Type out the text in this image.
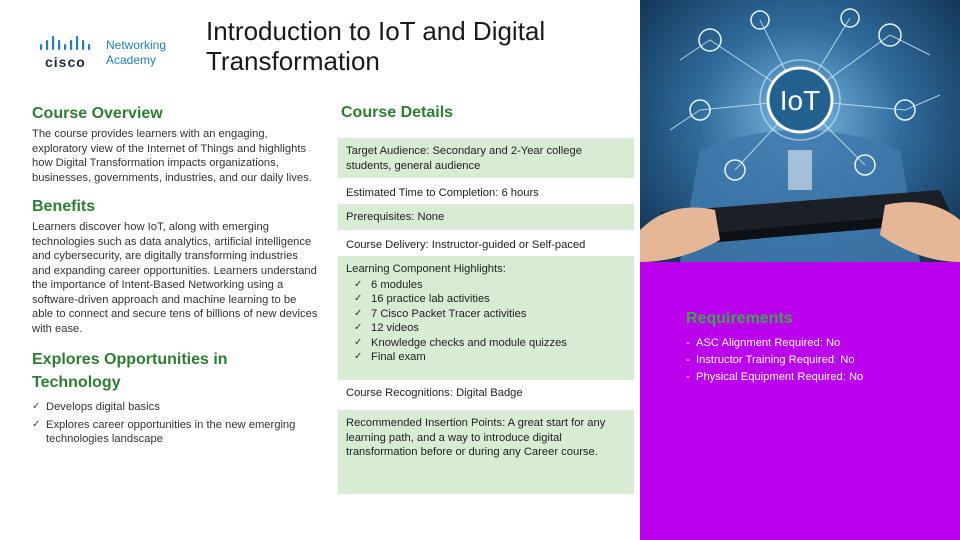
cisco
Networking
Academy
Introduction to IoT and Digital Transformation
Course Overview

The course provides learners with an engaging, exploratory view of the Internet of Things and highlights how Digital Transformation impacts organizations, businesses, governments, industries, and our daily lives.

Benefits

Learners discover how IoT, along with emerging technologies such as data analytics, artificial intelligence and cybersecurity, are digitally transforming industries and expanding career opportunities. Learners understand the importance of Intent-Based Networking using a software-driven approach and machine learning to be able to connect and secure tens of billions of new devices with ease.

Explores Opportunities in Technology
✓ Develops digital basics
✓ Explores career opportunities in the new emerging technologies landscape
Course Details
Target Audience: Secondary and 2-Year college students, general audience
Estimated Time to Completion: 6 hours
Prerequisites: None
Course Delivery: Instructor-guided or Self-paced
Learning Component Highlights:
✓ 6 modules
✓ 16 practice lab activities
✓ 7 Cisco Packet Tracer activities
✓ 12 videos
✓ Knowledge checks and module quizzes
✓ Final exam
Course Recognitions: Digital Badge
Recommended Insertion Points: A great start for any learning path, and a way to introduce digital transformation before or during any Career course.
IoT
Requirements
- ASC Alignment Required: No
- Instructor Training Required: No
- Physical Equipment Required: No
